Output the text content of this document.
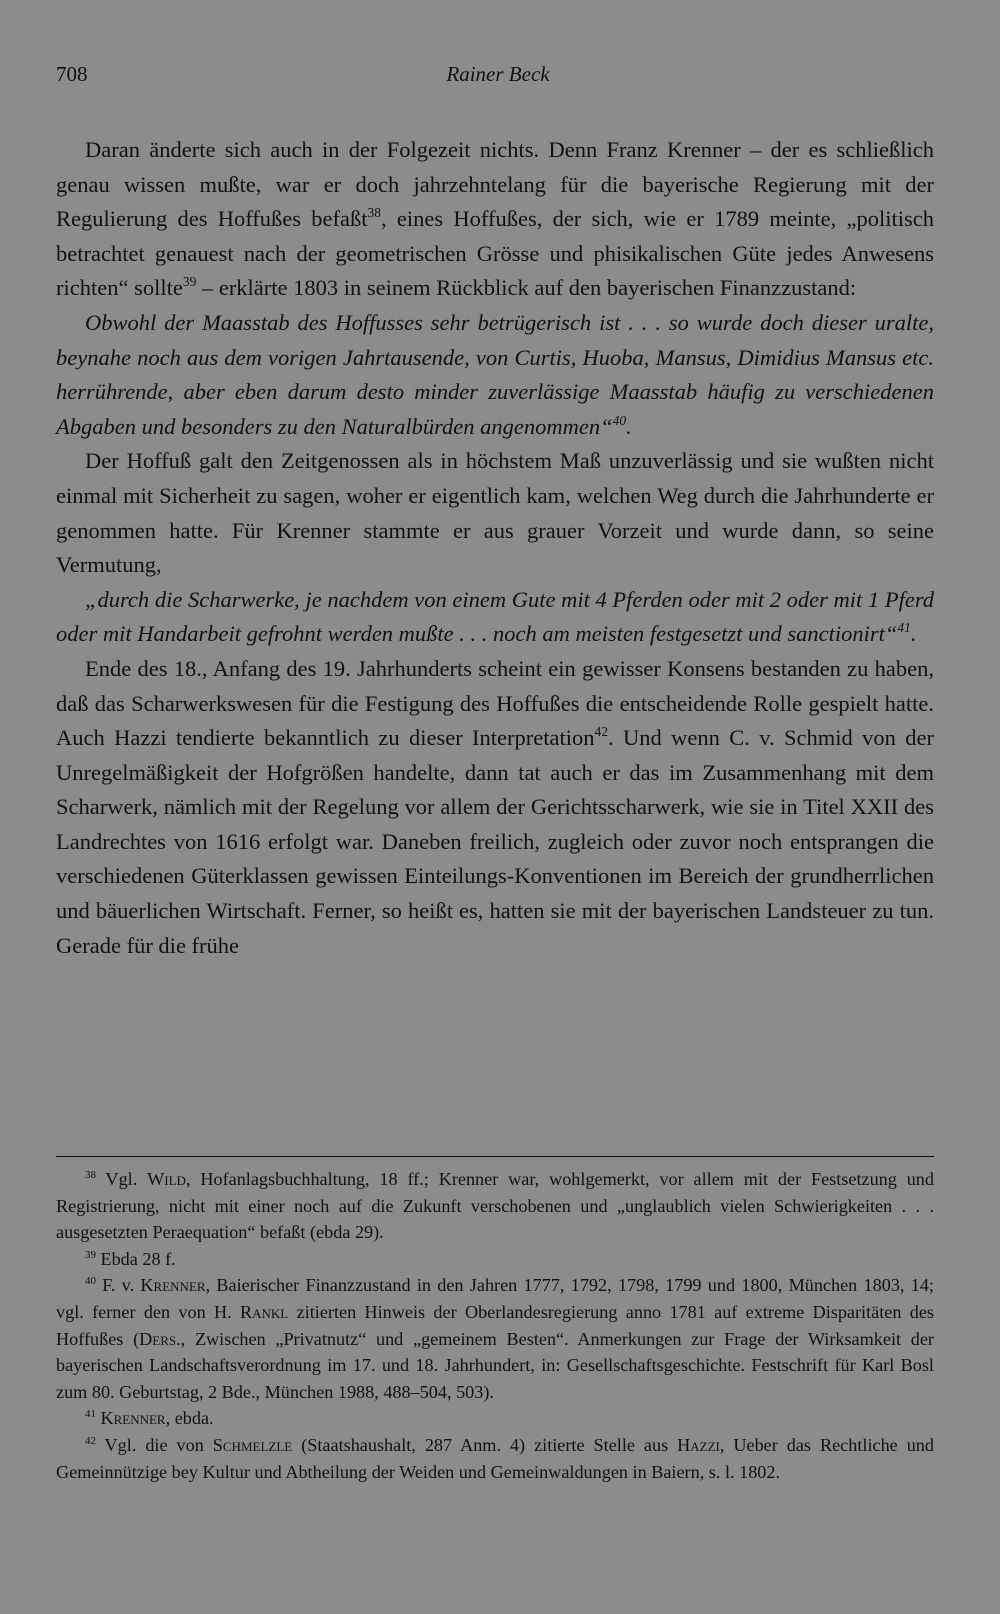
708	Rainer Beck

Daran änderte sich auch in der Folgezeit nichts. Denn Franz Krenner – der es schließlich genau wissen mußte, war er doch jahrzehntelang für die bayerische Regierung mit der Regulierung des Hoffußes befaßt$^{38}$, eines Hoffußes, der sich, wie er 1789 meinte, „politisch betrachtet genauest nach der geometrischen Grösse und phisikalischen Güte jedes Anwesens richten“ sollte$^{39}$ – erklärte 1803 in seinem Rückblick auf den bayerischen Finanzzustand:

Obwohl der Maasstab des Hoffusses sehr betrügerisch ist . . . so wurde doch dieser uralte, beynahe noch aus dem vorigen Jahrtausende, von Curtis, Huoba, Mansus, Dimidius Mansus etc. herrührende, aber eben darum desto minder zuverlässige Maasstab häufig zu verschiedenen Abgaben und besonders zu den Naturalbürden angenommen“$^{40}$.

Der Hoffuß galt den Zeitgenossen als in höchstem Maß unzuverlässig und sie wußten nicht einmal mit Sicherheit zu sagen, woher er eigentlich kam, welchen Weg durch die Jahrhunderte er genommen hatte. Für Krenner stammte er aus grauer Vorzeit und wurde dann, so seine Vermutung,

„durch die Scharwerke, je nachdem von einem Gute mit 4 Pferden oder mit 2 oder mit 1 Pferd oder mit Handarbeit gefrohnt werden mußte . . . noch am meisten festgesetzt und sanctionirt“$^{41}$.

Ende des 18., Anfang des 19. Jahrhunderts scheint ein gewisser Konsens bestanden zu haben, daß das Scharwerkswesen für die Festigung des Hoffußes die entscheidende Rolle gespielt hatte. Auch Hazzi tendierte bekanntlich zu dieser Interpretation$^{42}$. Und wenn C. v. Schmid von der Unregelmäßigkeit der Hofgrößen handelte, dann tat auch er das im Zusammenhang mit dem Scharwerk, nämlich mit der Regelung vor allem der Gerichtsscharwerk, wie sie in Titel XXII des Landrechtes von 1616 erfolgt war. Daneben freilich, zugleich oder zuvor noch entsprangen die verschiedenen Güterklassen gewissen Einteilungs-Konventionen im Bereich der grundherrlichen und bäuerlichen Wirtschaft. Ferner, so heißt es, hatten sie mit der bayerischen Landsteuer zu tun. Gerade für die frühe

$^{38}$ Vgl. Wild, Hofanlagsbuchhaltung, 18 ff.; Krenner war, wohlgemerkt, vor allem mit der Festsetzung und Registrierung, nicht mit einer noch auf die Zukunft verschobenen und „unglaublich vielen Schwierigkeiten . . . ausgesetzten Peraequation“ befaßt (ebda 29).

$^{39}$ Ebda 28 f.

$^{40}$ F. v. Krenner, Baierischer Finanzzustand in den Jahren 1777, 1792, 1798, 1799 und 1800, München 1803, 14; vgl. ferner den von H. Rankl zitierten Hinweis der Oberlandesregierung anno 1781 auf extreme Disparitäten des Hoffußes (Ders., Zwischen „Privatnutz“ und „gemeinem Besten“. Anmerkungen zur Frage der Wirksamkeit der bayerischen Landschaftsverordnung im 17. und 18. Jahrhundert, in: Gesellschaftsgeschichte. Festschrift für Karl Bosl zum 80. Geburtstag, 2 Bde., München 1988, 488–504, 503).

$^{41}$ Krenner, ebda.

$^{42}$ Vgl. die von Schmelzle (Staatshaushalt, 287 Anm. 4) zitierte Stelle aus Hazzi, Ueber das Rechtliche und Gemeinnützige bey Kultur und Abtheilung der Weiden und Gemeinwaldungen in Baiern, s. l. 1802.
